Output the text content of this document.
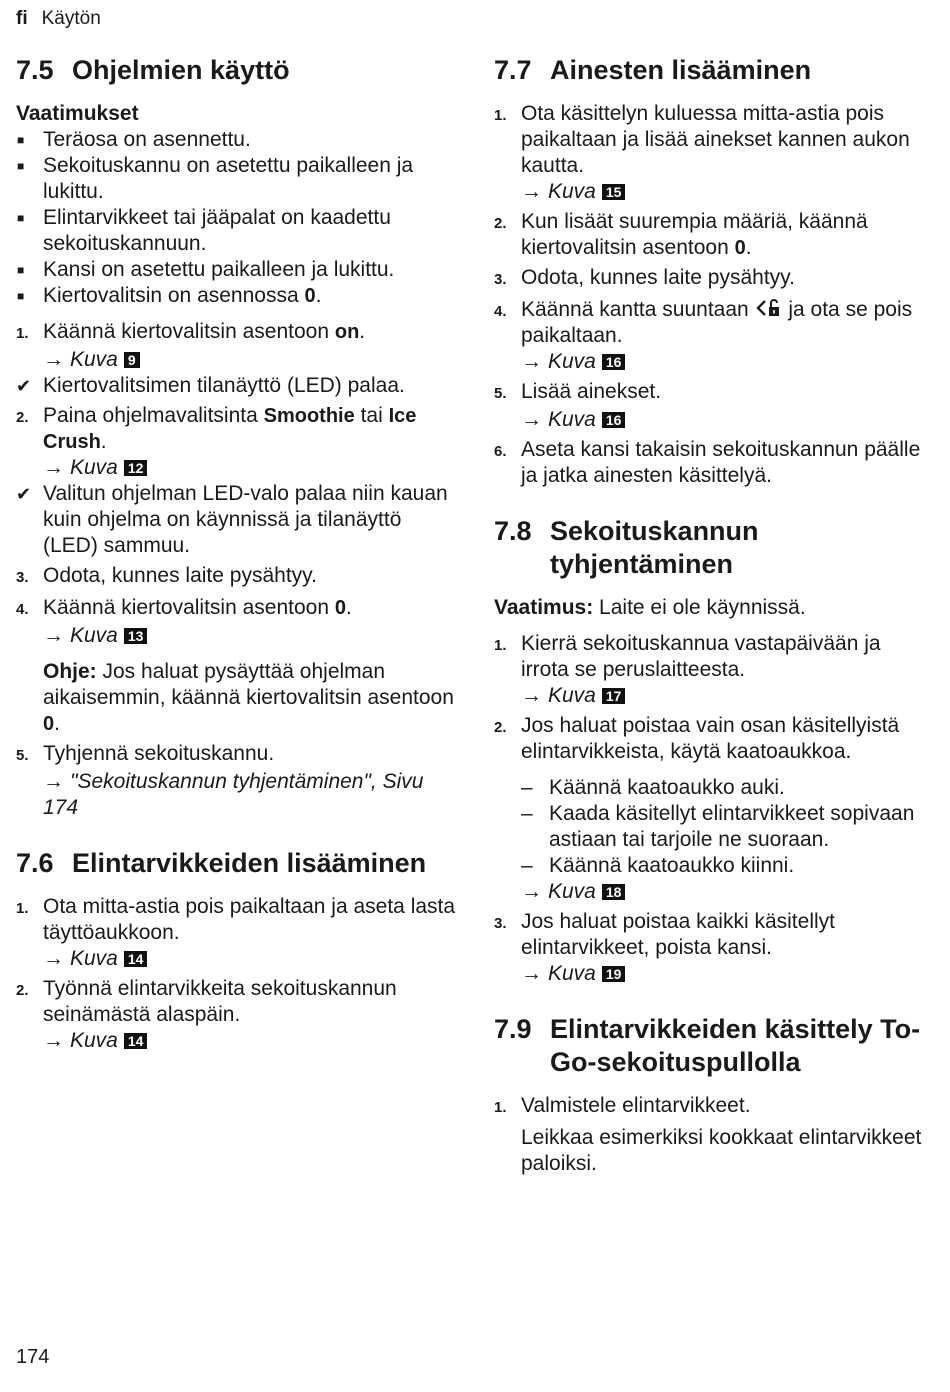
fi Käytön
7.5 Ohjelmien käyttö
Vaatimukset
■ Teräosa on asennettu.
■ Sekoituskannu on asetettu paikalleen ja lukittu.
■ Elintarvikkeet tai jääpalat on kaadettu sekoituskannuun.
■ Kansi on asetettu paikalleen ja lukittu.
■ Kiertovalitsin on asennossa 0.
1. Käännä kiertovalitsin asentoon on.
→ Kuva 9
✔ Kiertovalitsimen tilanäyttö (LED) palaa.
2. Paina ohjelmavalitsinta Smoothie tai Ice Crush.
→ Kuva 12
✔ Valitun ohjelman LED-valo palaa niin kauan kuin ohjelma on käynnissä ja tilanäyttö (LED) sammuu.
3. Odota, kunnes laite pysähtyy.
4. Käännä kiertovalitsin asentoon 0.
→ Kuva 13
Ohje: Jos haluat pysäyttää ohjelman aikaisemmin, käännä kiertovalitsin asentoon 0.
5. Tyhjennä sekoituskannu.
→ "Sekoituskannun tyhjentäminen", Sivu 174
7.6 Elintarvikkeiden lisääminen
1. Ota mitta-astia pois paikaltaan ja aseta lasta täyttöaukkoon.
→ Kuva 14
2. Työnnä elintarvikkeita sekoituskannun seinämästä alaspäin.
→ Kuva 14
7.7 Ainesten lisääminen
1. Ota käsittelyn kuluessa mitta-astia pois paikaltaan ja lisää ainekset kannen aukon kautta.
→ Kuva 15
2. Kun lisäät suurempia määriä, käännä kiertovalitsin asentoon 0.
3. Odota, kunnes laite pysähtyy.
4. Käännä kantta suuntaan  ja ota se pois paikaltaan.
→ Kuva 16
5. Lisää ainekset.
→ Kuva 16
6. Aseta kansi takaisin sekoituskannun päälle ja jatka ainesten käsittelyä.
7.8 Sekoituskannun tyhjentäminen
Vaatimus: Laite ei ole käynnissä.
1. Kierrä sekoituskannua vastapäivään ja irrota se peruslaitteesta.
→ Kuva 17
2. Jos haluat poistaa vain osan käsitellyistä elintarvikkeista, käytä kaatoaukkoa.
– Käännä kaatoaukko auki.
– Kaada käsitellyt elintarvikkeet sopivaan astiaan tai tarjoile ne suoraan.
– Käännä kaatoaukko kiinni.
→ Kuva 18
3. Jos haluat poistaa kaikki käsitellyt elintarvikkeet, poista kansi.
→ Kuva 19
7.9 Elintarvikkeiden käsittely To-Go-sekoituspullolla
1. Valmistele elintarvikkeet.
Leikkaa esimerkiksi kookkaat elintarvikkeet paloiksi.
174
